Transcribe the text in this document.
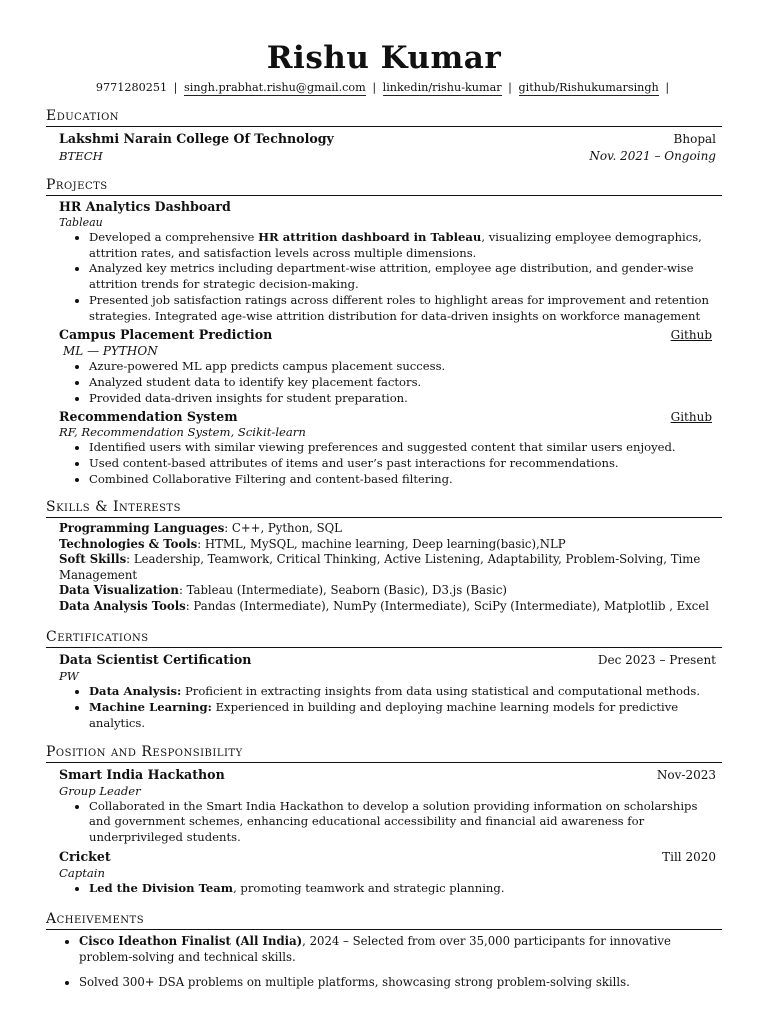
Rishu Kumar
9771280251 | singh.prabhat.rishu@gmail.com | linkedin/rishu-kumar | github/Rishukumarsingh |
Education
Lakshmi Narain College Of Technology	Bhopal
BTECH	Nov. 2021 – Ongoing
Projects
HR Analytics Dashboard
Tableau
• Developed a comprehensive HR attrition dashboard in Tableau, visualizing employee demographics, attrition rates, and satisfaction levels across multiple dimensions.
• Analyzed key metrics including department-wise attrition, employee age distribution, and gender-wise attrition trends for strategic decision-making.
• Presented job satisfaction ratings across different roles to highlight areas for improvement and retention strategies. Integrated age-wise attrition distribution for data-driven insights on workforce management
Campus Placement Prediction	Github
ML — PYTHON
• Azure-powered ML app predicts campus placement success.
• Analyzed student data to identify key placement factors.
• Provided data-driven insights for student preparation.
Recommendation System	Github
RF, Recommendation System, Scikit-learn
• Identified users with similar viewing preferences and suggested content that similar users enjoyed.
• Used content-based attributes of items and user’s past interactions for recommendations.
• Combined Collaborative Filtering and content-based filtering.
Skills & Interests
Programming Languages: C++, Python, SQL
Technologies & Tools: HTML, MySQL, machine learning, Deep learning(basic),NLP
Soft Skills: Leadership, Teamwork, Critical Thinking, Active Listening, Adaptability, Problem-Solving, Time Management
Data Visualization: Tableau (Intermediate), Seaborn (Basic), D3.js (Basic)
Data Analysis Tools: Pandas (Intermediate), NumPy (Intermediate), SciPy (Intermediate), Matplotlib , Excel
Certifications
Data Scientist Certification	Dec 2023 – Present
PW
• Data Analysis: Proficient in extracting insights from data using statistical and computational methods.
• Machine Learning: Experienced in building and deploying machine learning models for predictive analytics.
Position and Responsibility
Smart India Hackathon	Nov-2023
Group Leader
• Collaborated in the Smart India Hackathon to develop a solution providing information on scholarships and government schemes, enhancing educational accessibility and financial aid awareness for underprivileged students.
Cricket	Till 2020
Captain
• Led the Division Team, promoting teamwork and strategic planning.
Acheivements
• Cisco Ideathon Finalist (All India), 2024 – Selected from over 35,000 participants for innovative problem-solving and technical skills.
• Solved 300+ DSA problems on multiple platforms, showcasing strong problem-solving skills.
